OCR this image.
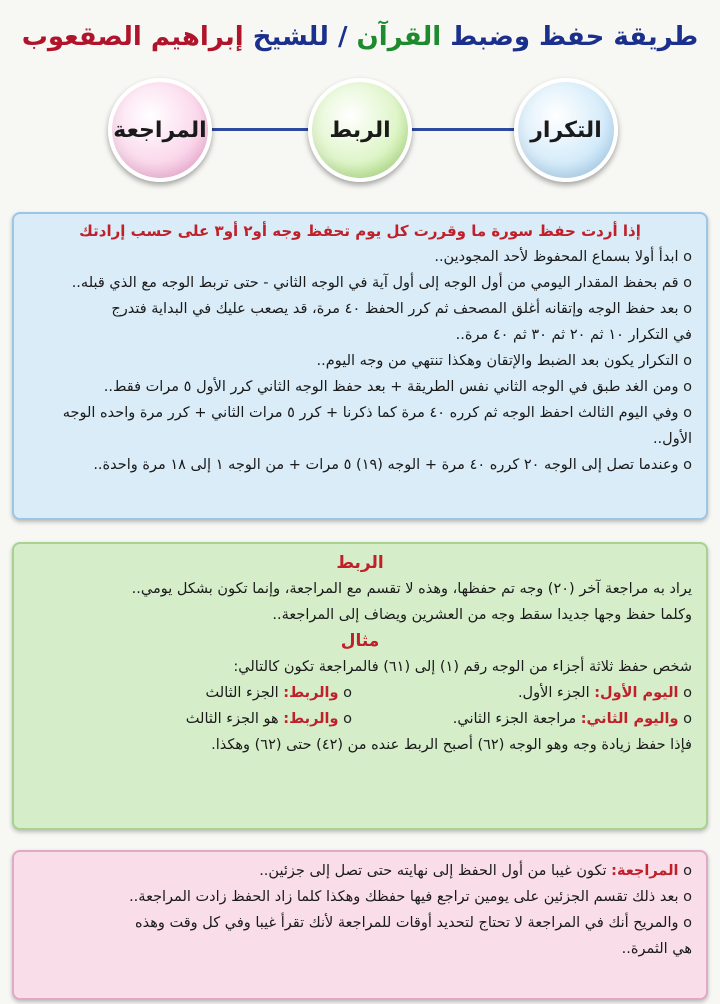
طريقة حفظ وضبط القرآن / للشيخ إبراهيم الصقعوب
التكرار
الربط
المراجعة
إذا أردت حفظ سورة ما وقررت كل يوم تحفظ وجه أو٢ أو٣ على حسب إرادتك
o ابدأ أولا بسماع المحفوظ لأحد المجودين..
o قم بحفظ المقدار اليومي من أول الوجه إلى أول آية في الوجه الثاني - حتى تربط الوجه مع الذي قبله..
o بعد حفظ الوجه وإتقانه أغلق المصحف ثم كرر الحفظ ٤٠ مرة، قد يصعب عليك في البداية فتدرج
في التكرار ١٠ ثم ٢٠ ثم ٣٠ ثم ٤٠ مرة..
o التكرار يكون بعد الضبط والإتقان وهكذا تنتهي من وجه اليوم..
o ومن الغد طبق في الوجه الثاني نفس الطريقة + بعد حفظ الوجه الثاني كرر الأول ٥ مرات فقط..
o وفي اليوم الثالث احفظ الوجه ثم كرره ٤٠ مرة كما ذكرنا + كرر ٥ مرات الثاني + كرر مرة واحده الوجه
الأول..
o وعندما تصل إلى الوجه ٢٠ كرره ٤٠ مرة + الوجه (١٩) ٥ مرات + من الوجه ١ إلى ١٨ مرة واحدة..
الربط
يراد به مراجعة آخر (٢٠) وجه تم حفظها، وهذه لا تقسم مع المراجعة، وإنما تكون بشكل يومي..
وكلما حفظ وجها جديدا سقط وجه من العشرين ويضاف إلى المراجعة..
مثال
شخص حفظ ثلاثة أجزاء من الوجه رقم (١) إلى (٦١) فالمراجعة تكون كالتالي:
o اليوم الأول: الجزء الأول.
o والربط: الجزء الثالث
o واليوم الثاني: مراجعة الجزء الثاني.
o والربط: هو الجزء الثالث
فإذا حفظ زيادة وجه وهو الوجه (٦٢) أصبح الربط عنده من (٤٢) حتى (٦٢) وهكذا.
o المراجعة: تكون غيبا من أول الحفظ إلى نهايته حتى تصل إلى جزئين..
o بعد ذلك تقسم الجزئين على يومين تراجع فيها حفظك وهكذا كلما زاد الحفظ زادت المراجعة..
o والمريح أنك في المراجعة لا تحتاج لتحديد أوقات للمراجعة لأنك تقرأ غيبا وفي كل وقت وهذه
هي الثمرة..
